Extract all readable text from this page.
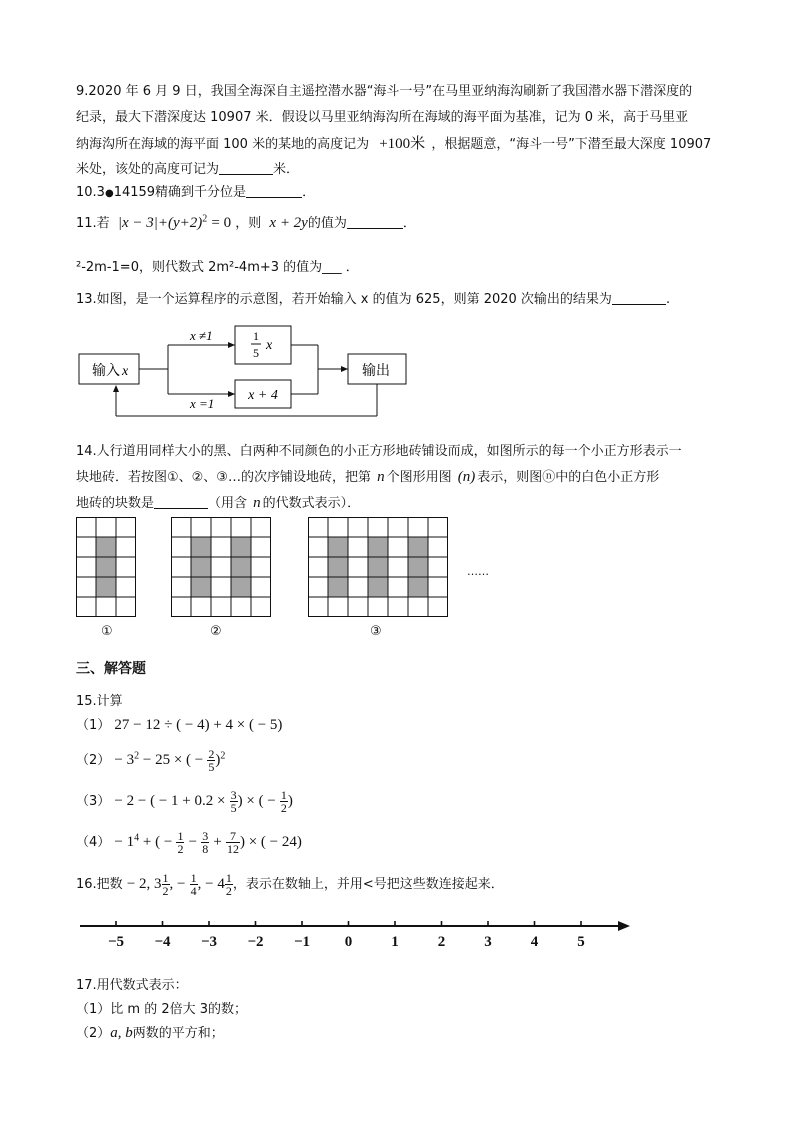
9.2020 年 6 月 9 日，我国全海深自主遥控潜水器“海斗一号”在马里亚纳海沟刷新了我国潜水器下潜深度的
纪录，最大下潜深度达 10907 米．假设以马里亚纳海沟所在海域的海平面为基准，记为 0 米，高于马里亚
纳海沟所在海域的海平面 100 米的某地的高度记为 +100米 ，根据题意，“海斗一号”下潜至最大深度 10907
米处，该处的高度可记为	米．
10.3●14159精确到千分位是	．
11.若 $|x - 3|+(y+2)^2 = 0$ ，则 x + 2y的值为	．
²-2m-1=0，则代数式 2m²-4m+3 的值为___ ．
13.如图，是一个运算程序的示意图，若开始输入 x 的值为 625，则第 2020 次输出的结果为	.
输入 x	输出
x ≠1
x =1
1
5 x
x + 4
14.人行道用同样大小的黑、白两种不同颜色的小正方形地砖铺设而成，如图所示的每一个小正方形表示一
块地砖．若按图①、②、③…的次序铺设地砖，把第 n 个图形用图 (n) 表示，则图ⓝ中的白色小正方形
地砖的块数是	（用含 n 的代数式表示）．
……
①	②	③
三、解答题
15.计算
（1） 27 − 12 ÷ ( − 4) + 4 × ( − 5)
$(2) - 3^2 - 25$ × ( − $\frac{2}{5} )^2$
（3） − 2 − ( − $1 + 0.2 \times \frac{3}{5}$ ) × ( − $\frac{1}{2}$ )
$(4) - 1^4$ + ( − $\frac{1}{2} - \frac{3}{8} + \frac{7}{12}$ ) × ( − 24)
16.把数 − 2, $3 \frac{1}{2}$ , − $\frac{1}{4}$ , − $4 \frac{1}{2}$ ，表示在数轴上，并用<号把这些数连接起来．
−5 −4 −3 −2 −1 0	1	2	3	4	5
17.用代数式表示：
（1）比 m 的 2倍大 3的数；
（2）a, b两数的平方和；
